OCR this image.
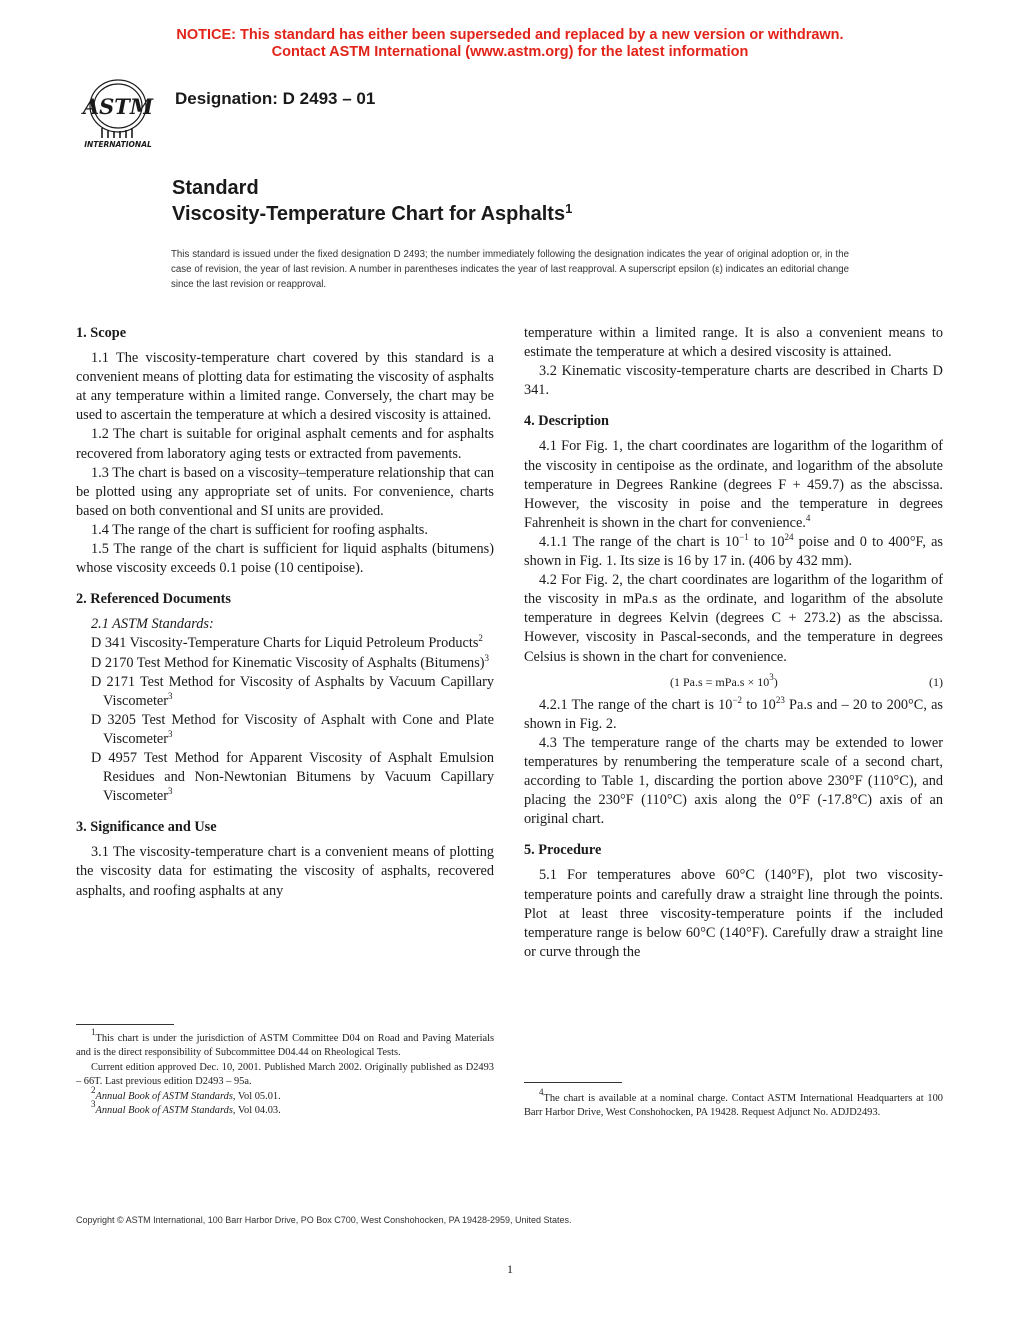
NOTICE: This standard has either been superseded and replaced by a new version or withdrawn.
Contact ASTM International (www.astm.org) for the latest information
ASTM
INTERNATIONAL
Designation: D 2493 – 01
Standard
Viscosity-Temperature Chart for Asphalts$^1$
This standard is issued under the fixed designation D 2493; the number immediately following the designation indicates the year of original adoption or, in the case of revision, the year of last revision. A number in parentheses indicates the year of last reapproval. A superscript epsilon (ε) indicates an editorial change since the last revision or reapproval.

1. Scope

1.1 The viscosity-temperature chart covered by this standard is a convenient means of plotting data for estimating the viscosity of asphalts at any temperature within a limited range. Conversely, the chart may be used to ascertain the temperature at which a desired viscosity is attained.

1.2 The chart is suitable for original asphalt cements and for asphalts recovered from laboratory aging tests or extracted from pavements.

1.3 The chart is based on a viscosity–temperature relationship that can be plotted using any appropriate set of units. For convenience, charts based on both conventional and SI units are provided.

1.4 The range of the chart is sufficient for roofing asphalts.

1.5 The range of the chart is sufficient for liquid asphalts (bitumens) whose viscosity exceeds 0.1 poise (10 centipoise).

2. Referenced Documents

2.1 ASTM Standards:

D 341 Viscosity-Temperature Charts for Liquid Petroleum Products$^2$

D 2170 Test Method for Kinematic Viscosity of Asphalts (Bitumens)$^3$

D 2171 Test Method for Viscosity of Asphalts by Vacuum Capillary Viscometer$^3$

D 3205 Test Method for Viscosity of Asphalt with Cone and Plate Viscometer$^3$

D 4957 Test Method for Apparent Viscosity of Asphalt Emulsion Residues and Non-Newtonian Bitumens by Vacuum Capillary Viscometer$^3$

3. Significance and Use

3.1 The viscosity-temperature chart is a convenient means of plotting the viscosity data for estimating the viscosity of asphalts, recovered asphalts, and roofing asphalts at any

$^1$This chart is under the jurisdiction of ASTM Committee D04 on Road and Paving Materials and is the direct responsibility of Subcommittee D04.44 on Rheological Tests.

Current edition approved Dec. 10, 2001. Published March 2002. Originally published as D2493 – 66T. Last previous edition D2493 – 95a.

$^2$Annual Book of ASTM Standards, Vol 05.01.

$^3$Annual Book of ASTM Standards, Vol 04.03.

temperature within a limited range. It is also a convenient means to estimate the temperature at which a desired viscosity is attained.

3.2 Kinematic viscosity-temperature charts are described in Charts D 341.

4. Description

4.1 For Fig. 1, the chart coordinates are logarithm of the logarithm of the viscosity in centipoise as the ordinate, and logarithm of the absolute temperature in Degrees Rankine (degrees F + 459.7) as the abscissa. However, the viscosity in poise and the temperature in degrees Fahrenheit is shown in the chart for convenience.$^4$

4.1.1 The range of the chart is $10^{-1}$ to $10^{24}$ poise and 0 to 400°F, as shown in Fig. 1. Its size is 16 by 17 in. (406 by 432 mm).

4.2 For Fig. 2, the chart coordinates are logarithm of the logarithm of the viscosity in mPa.s as the ordinate, and logarithm of the absolute temperature in degrees Kelvin (degrees C + 273.2) as the abscissa. However, viscosity in Pascal-seconds, and the temperature in degrees Celsius is shown in the chart for convenience.

(1 $Pa.s = mPa.s \times 10^3$)	(1)

4.2.1 The range of the chart is $10^{-2}$ to $10^{23}$ Pa.s and – 20 to 200°C, as shown in Fig. 2.

4.3 The temperature range of the charts may be extended to lower temperatures by renumbering the temperature scale of a second chart, according to Table 1, discarding the portion above 230°F (110°C), and placing the 230°F (110°C) axis along the 0°F (-17.8°C) axis of an original chart.

5. Procedure

5.1 For temperatures above 60°C (140°F), plot two viscosity-temperature points and carefully draw a straight line through the points. Plot at least three viscosity-temperature points if the included temperature range is below 60°C (140°F). Carefully draw a straight line or curve through the

$^4$The chart is available at a nominal charge. Contact ASTM International Headquarters at 100 Barr Harbor Drive, West Conshohocken, PA 19428. Request Adjunct No. ADJD2493.

Copyright © ASTM International, 100 Barr Harbor Drive, PO Box C700, West Conshohocken, PA 19428-2959, United States.
1
